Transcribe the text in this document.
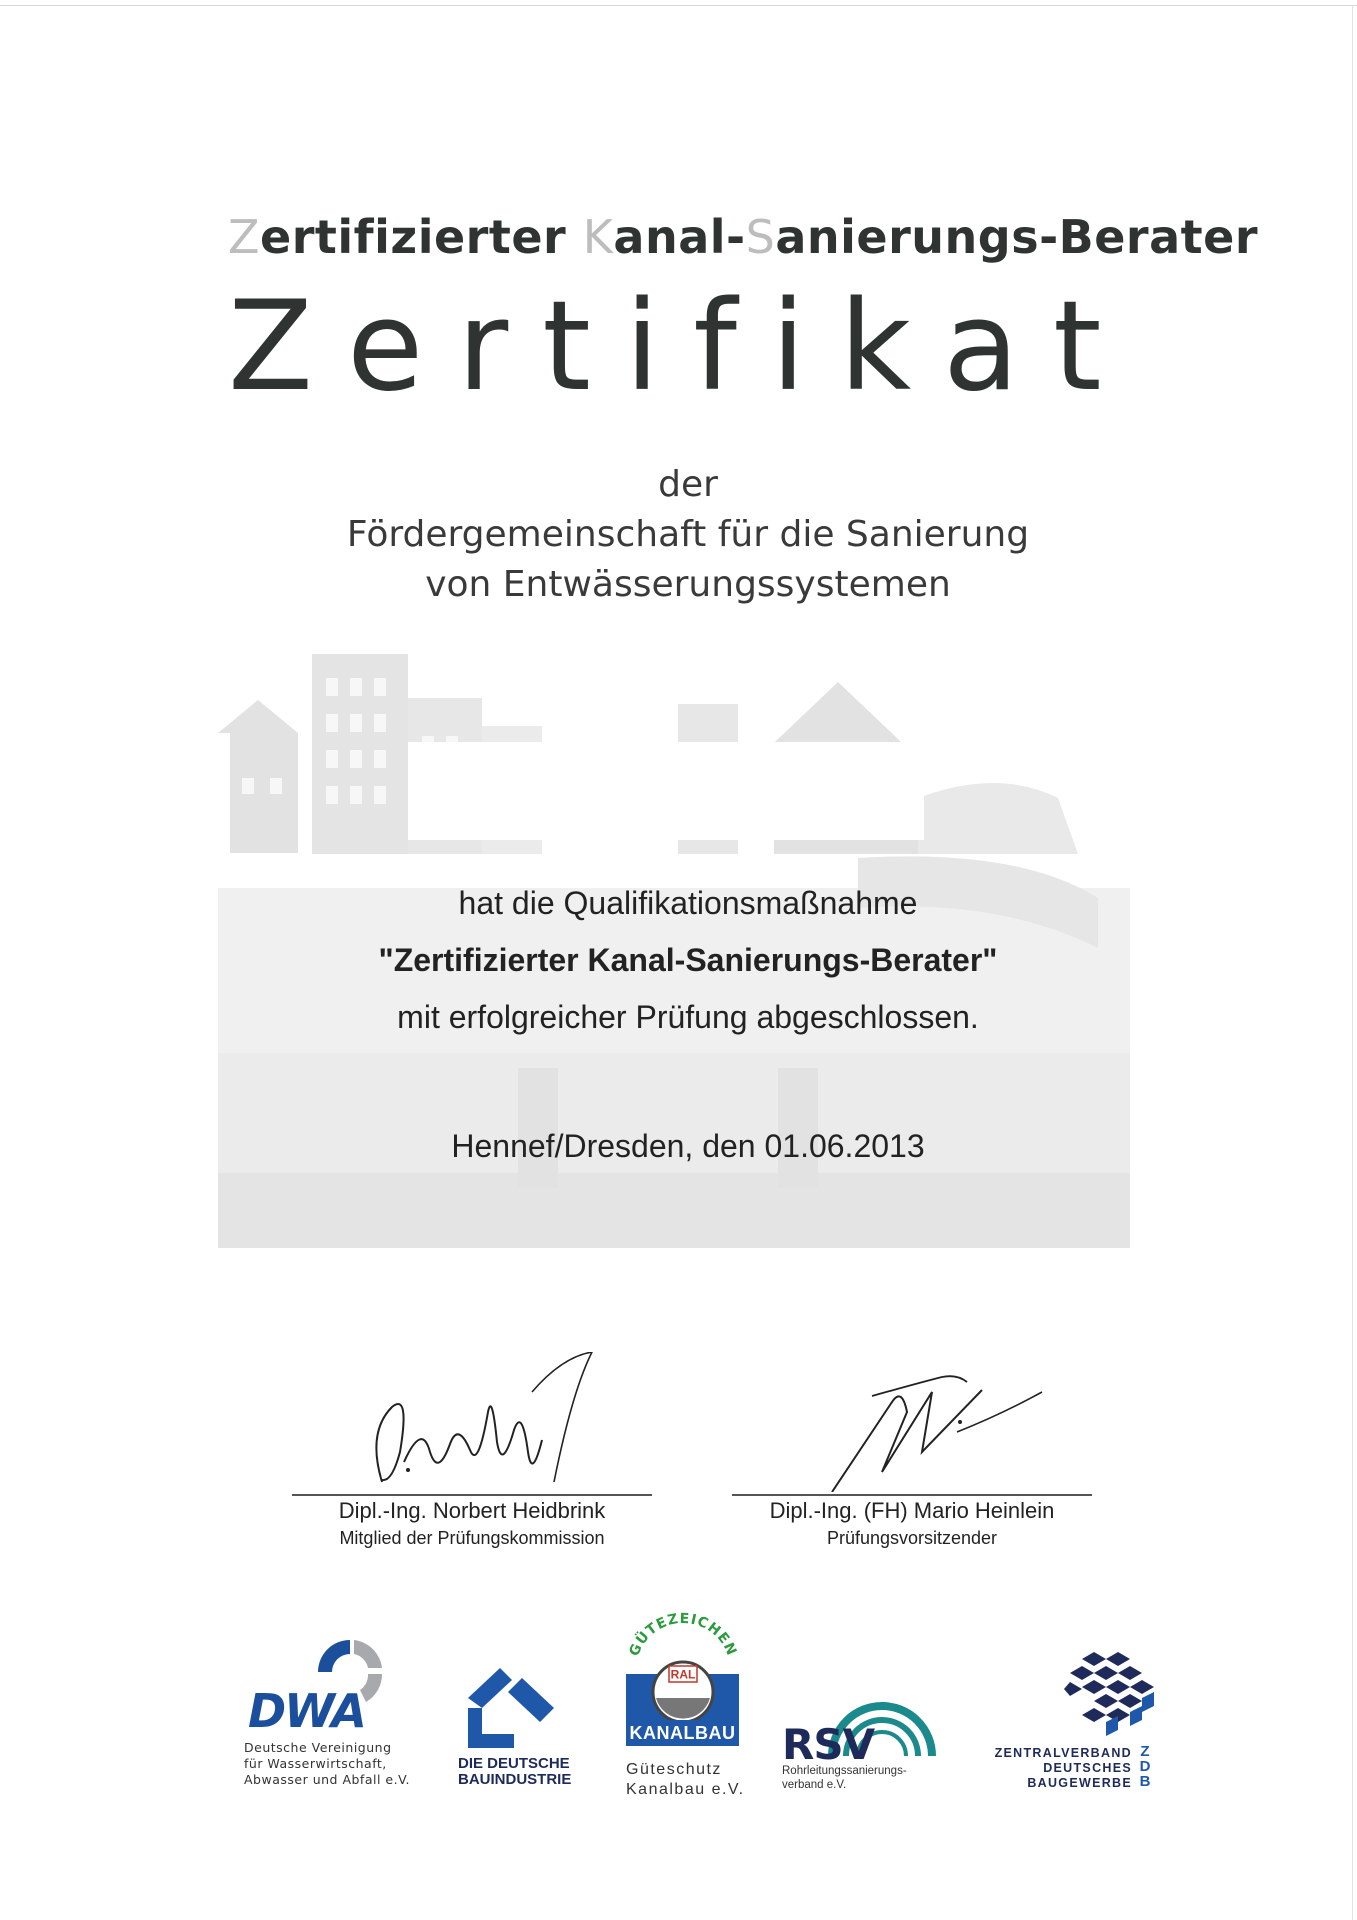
Zertifizierter Kanal-Sanierungs-Berater
Zertifikat
der
Fördergemeinschaft für die Sanierung
von Entwässerungssystemen
hat die Qualifikationsmaßnahme
"Zertifizierter Kanal-Sanierungs-Berater"
mit erfolgreicher Prüfung abgeschlossen.
Hennef/Dresden, den 01.06.2013
Dipl.-Ing. Norbert Heidbrink
Mitglied der Prüfungskommission
Dipl.-Ing. (FH) Mario Heinlein
Prüfungsvorsitzender
DWA
Deutsche Vereinigung
für Wasserwirtschaft,
Abwasser und Abfall e.V.
DIE DEUTSCHE
BAUINDUSTRIE
GÜTEZEICHEN
RAL
KANALBAU
Güteschutz
Kanalbau e.V.
RSV
Rohrleitungssanierungs-
verband e.V.
ZENTRALVERBAND
DEUTSCHES
BAUGEWERBE
ZDB
